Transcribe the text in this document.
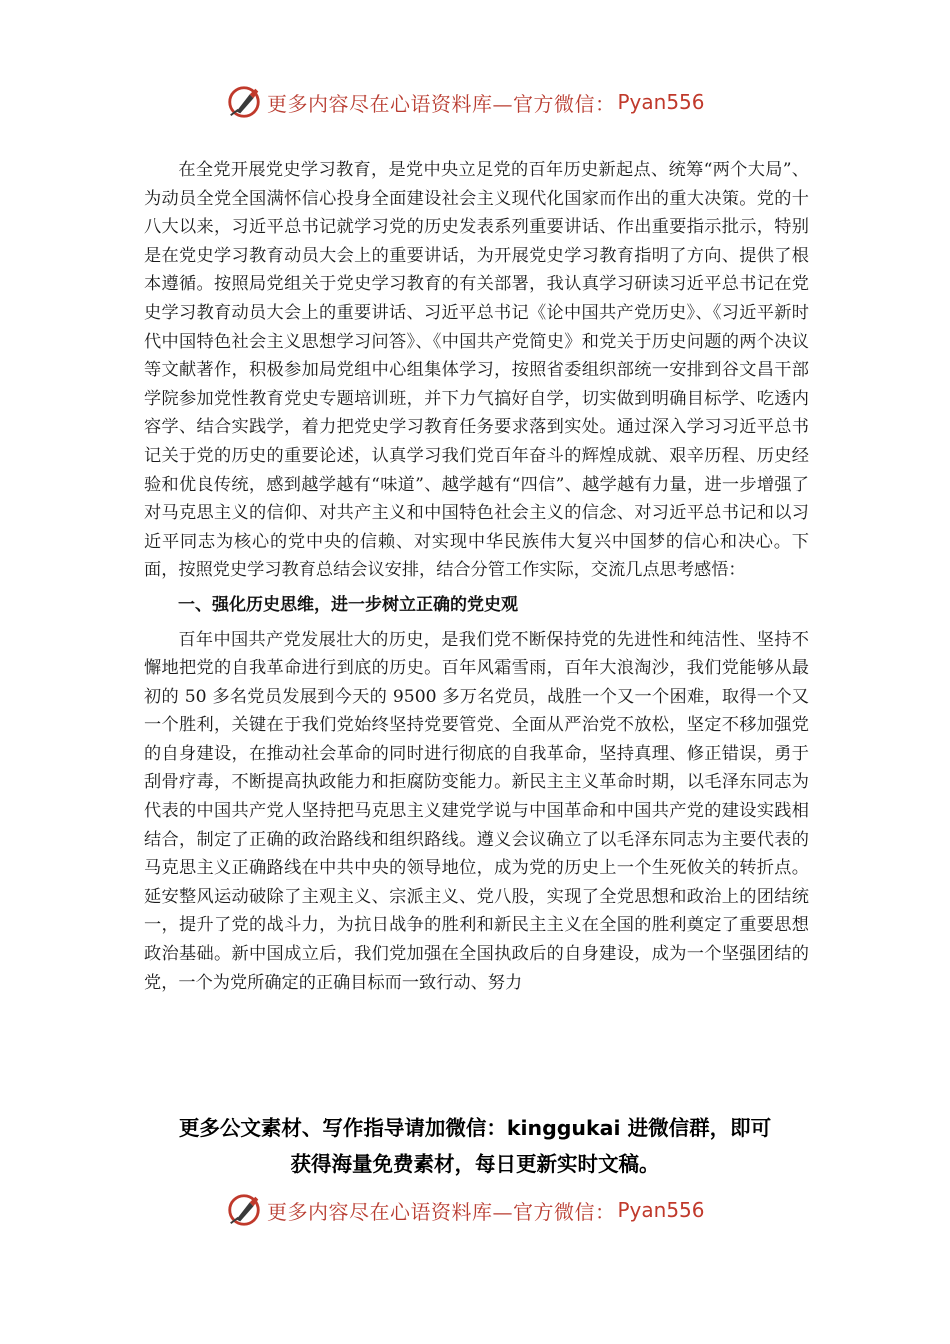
更多内容尽在心语资料库—官方微信： Pyan556

在全党开展党史学习教育，是党中央立足党的百年历史新起点、统筹“两个大局”、为动员全党全国满怀信心投身全面建设社会主义现代化国家而作出的重大决策。党的十八大以来，习近平总书记就学习党的历史发表系列重要讲话、作出重要指示批示，特别是在党史学习教育动员大会上的重要讲话，为开展党史学习教育指明了方向、提供了根本遵循。按照局党组关于党史学习教育的有关部署，我认真学习研读习近平总书记在党史学习教育动员大会上的重要讲话、习近平总书记《论中国共产党历史》、《习近平新时代中国特色社会主义思想学习问答》、《中国共产党简史》和党关于历史问题的两个决议等文献著作，积极参加局党组中心组集体学习，按照省委组织部统一安排到谷文昌干部学院参加党性教育党史专题培训班，并下力气搞好自学，切实做到明确目标学、吃透内容学、结合实践学，着力把党史学习教育任务要求落到实处。通过深入学习习近平总书记关于党的历史的重要论述，认真学习我们党百年奋斗的辉煌成就、艰辛历程、历史经验和优良传统，感到越学越有“味道”、越学越有“四信”、越学越有力量，进一步增强了对马克思主义的信仰、对共产主义和中国特色社会主义的信念、对习近平总书记和以习近平同志为核心的党中央的信赖、对实现中华民族伟大复兴中国梦的信心和决心。下面，按照党史学习教育总结会议安排，结合分管工作实际，交流几点思考感悟：

一、强化历史思维，进一步树立正确的党史观

百年中国共产党发展壮大的历史，是我们党不断保持党的先进性和纯洁性、坚持不懈地把党的自我革命进行到底的历史。百年风霜雪雨，百年大浪淘沙，我们党能够从最初的 50 多名党员发展到今天的 9500 多万名党员，战胜一个又一个困难，取得一个又一个胜利，关键在于我们党始终坚持党要管党、全面从严治党不放松，坚定不移加强党的自身建设，在推动社会革命的同时进行彻底的自我革命，坚持真理、修正错误，勇于刮骨疗毒，不断提高执政能力和拒腐防变能力。新民主主义革命时期，以毛泽东同志为代表的中国共产党人坚持把马克思主义建党学说与中国革命和中国共产党的建设实践相结合，制定了正确的政治路线和组织路线。遵义会议确立了以毛泽东同志为主要代表的马克思主义正确路线在中共中央的领导地位，成为党的历史上一个生死攸关的转折点。延安整风运动破除了主观主义、宗派主义、党八股，实现了全党思想和政治上的团结统一，提升了党的战斗力，为抗日战争的胜利和新民主主义在全国的胜利奠定了重要思想政治基础。新中国成立后，我们党加强在全国执政后的自身建设，成为一个坚强团结的党，一个为党所确定的正确目标而一致行动、努力

更多公文素材、写作指导请加微信：kinggukai 进微信群，即可
获得海量免费素材，每日更新实时文稿。
更多内容尽在心语资料库—官方微信： Pyan556
